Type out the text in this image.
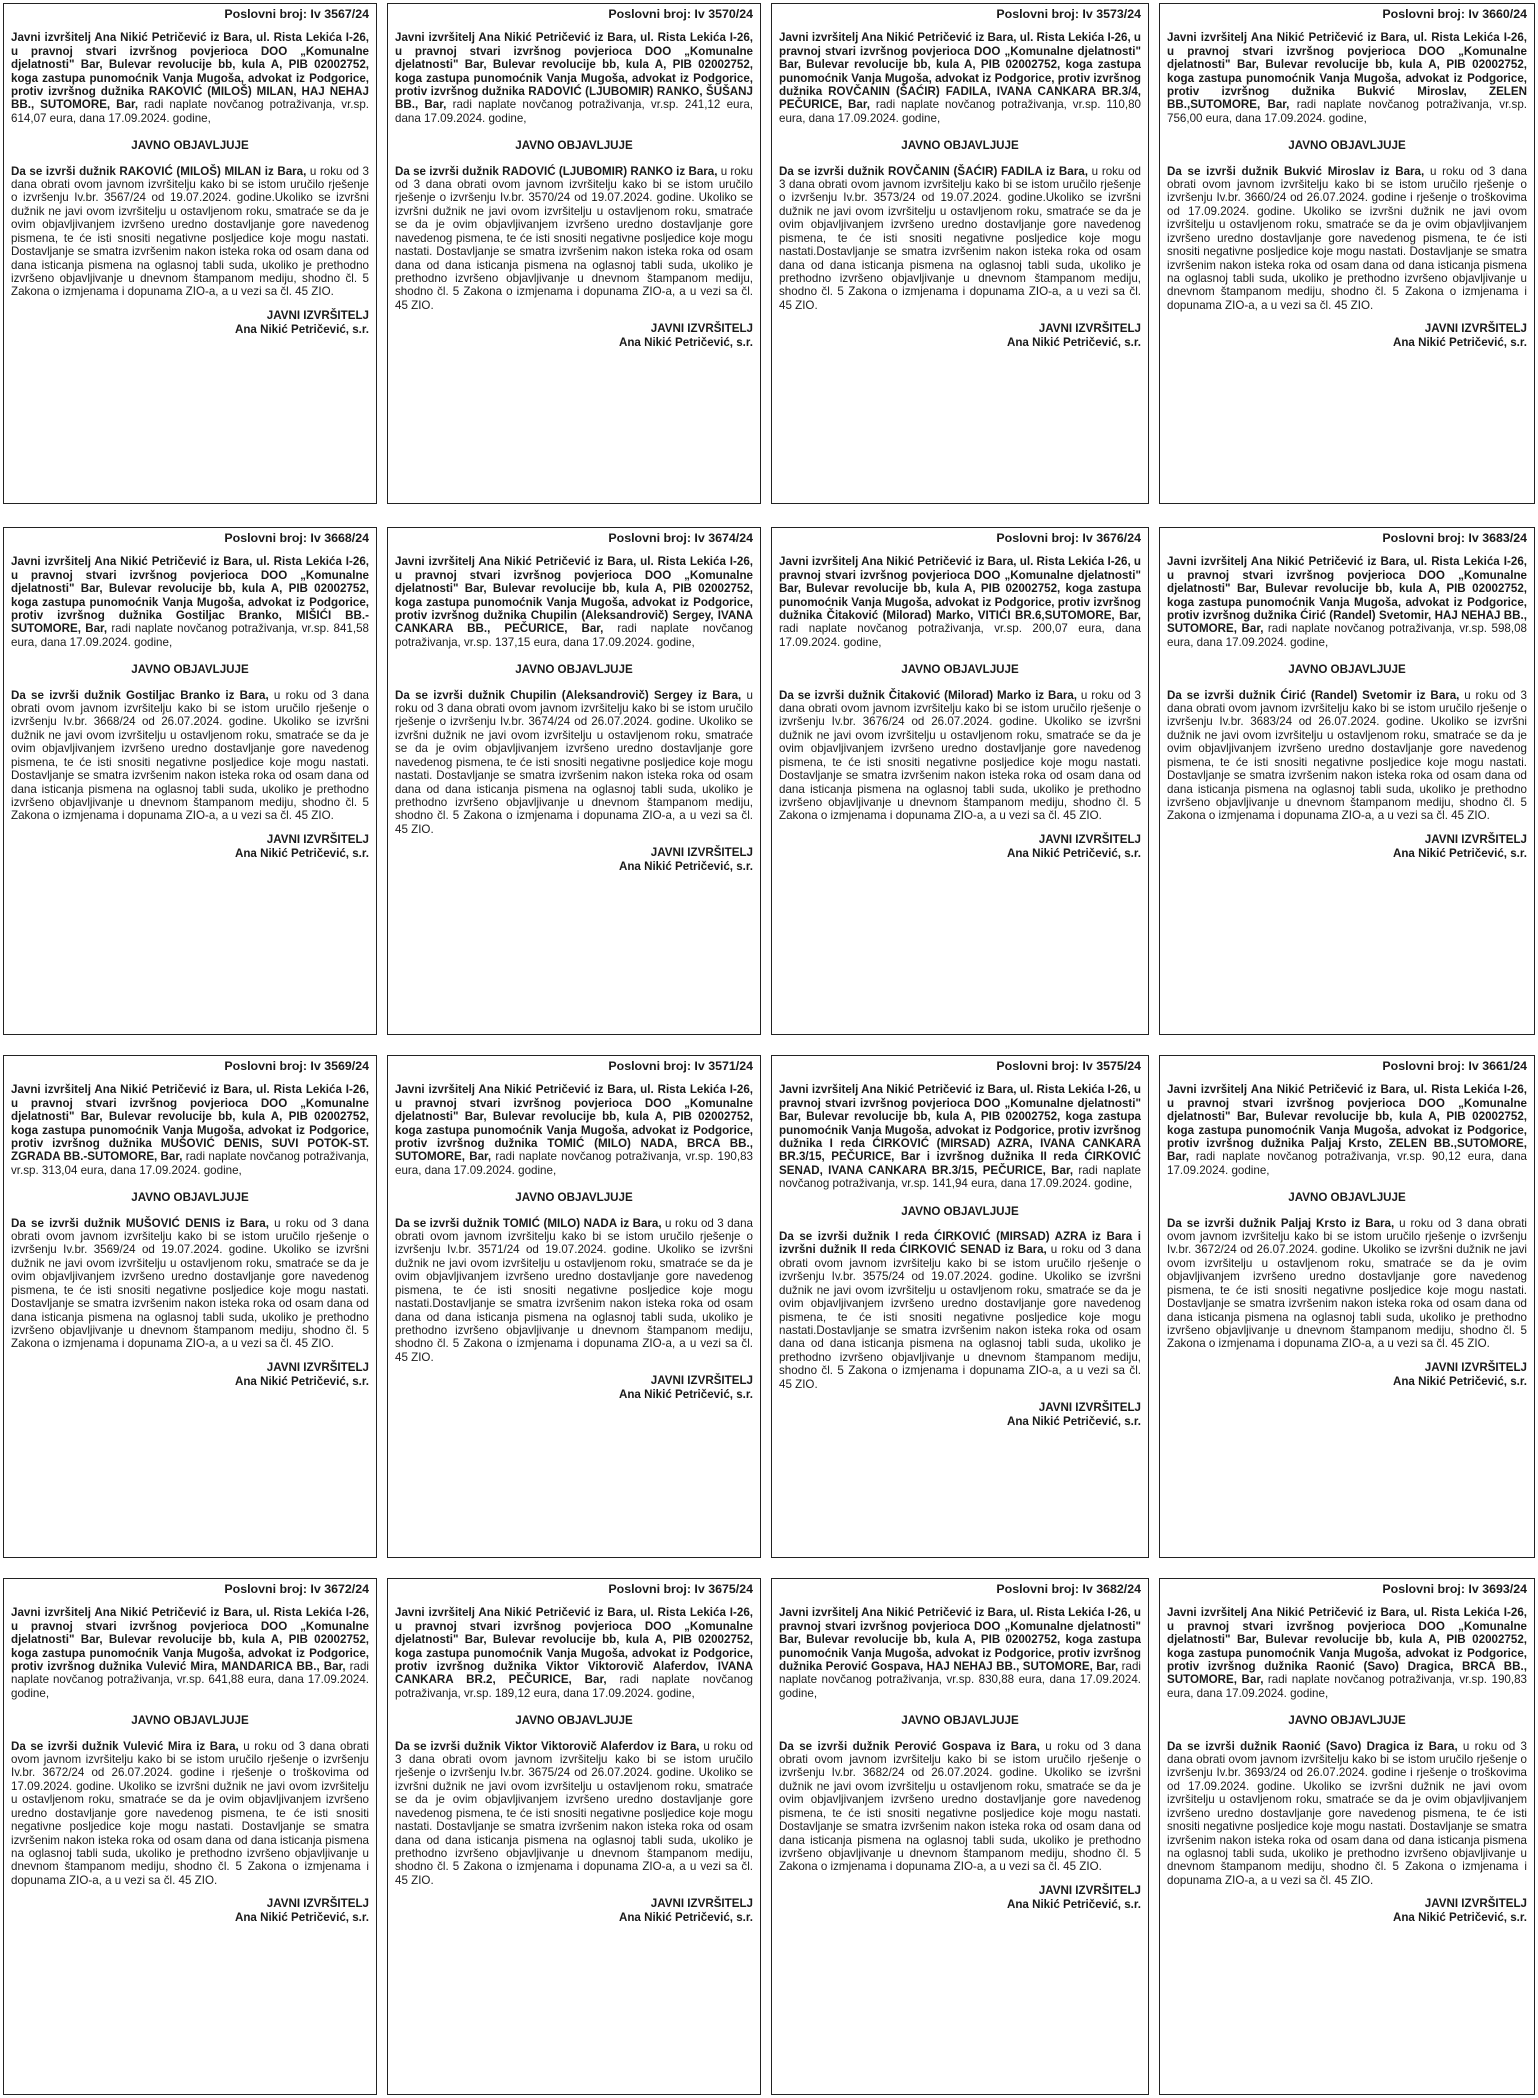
Poslovni broj: Iv 3567/24
Javni izvršitelj Ana Nikić Petričević iz Bara, ul. Rista Lekića I-26, u pravnoj stvari izvršnog povjerioca DOO „Komunalne djelatnosti" Bar, Bulevar revolucije bb, kula A, PIB 02002752, koga zastupa punomoćnik Vanja Mugoša, advokat iz Podgorice, protiv izvršnog dužnika RAKOVIĆ (MILOŠ) MILAN, HAJ NEHAJ BB., SUTOMORE, Bar, radi naplate novčanog potraživanja, vr.sp. 614,07 eura, dana 17.09.2024. godine,
JAVNO OBJAVLJUJE
Da se izvrši dužnik RAKOVIĆ (MILOŠ) MILAN iz Bara, u roku od 3 dana obrati ovom javnom izvršitelju kako bi se istom uručilo rješenje o izvršenju Iv.br. 3567/24 od 19.07.2024. godine.Ukoliko se izvršni dužnik ne javi ovom izvršitelju u ostavljenom roku, smatraće se da je ovim objavljivanjem izvršeno uredno dostavljanje gore navedenog pismena, te će isti snositi negativne posljedice koje mogu nastati. Dostavljanje se smatra izvršenim nakon isteka roka od osam dana od dana isticanja pismena na oglasnoj tabli suda, ukoliko je prethodno izvršeno objavljivanje u dnevnom štampanom mediju, shodno čl. 5 Zakona o izmjenama i dopunama ZIO-a, a u vezi sa čl. 45 ZIO.
JAVNI IZVRŠITELJ
Ana Nikić Petričević, s.r.
Poslovni broj: Iv 3570/24
Javni izvršitelj Ana Nikić Petričević iz Bara, ul. Rista Lekića I-26, u pravnoj stvari izvršnog povjerioca DOO „Komunalne djelatnosti" Bar, Bulevar revolucije bb, kula A, PIB 02002752, koga zastupa punomoćnik Vanja Mugoša, advokat iz Podgorice, protiv izvršnog dužnika RADOVIĆ (LJUBOMIR) RANKO, ŠUŠANJ BB., Bar, radi naplate novčanog potraživanja, vr.sp. 241,12 eura, dana 17.09.2024. godine,
JAVNO OBJAVLJUJE
Da se izvrši dužnik RADOVIĆ (LJUBOMIR) RANKO iz Bara, u roku od 3 dana obrati ovom javnom izvršitelju kako bi se istom uručilo rješenje o izvršenju Iv.br. 3570/24 od 19.07.2024. godine. Ukoliko se izvršni dužnik ne javi ovom izvršitelju u ostavljenom roku, smatraće se da je ovim objavljivanjem izvršeno uredno dostavljanje gore navedenog pismena, te će isti snositi negativne posljedice koje mogu nastati. Dostavljanje se smatra izvršenim nakon isteka roka od osam dana od dana isticanja pismena na oglasnoj tabli suda, ukoliko je prethodno izvršeno objavljivanje u dnevnom štampanom mediju, shodno čl. 5 Zakona o izmjenama i dopunama ZIO-a, a u vezi sa čl. 45 ZIO.
JAVNI IZVRŠITELJ
Ana Nikić Petričević, s.r.
Poslovni broj: Iv 3573/24
Javni izvršitelj Ana Nikić Petričević iz Bara, ul. Rista Lekića I-26, u pravnoj stvari izvršnog povjerioca DOO „Komunalne djelatnosti" Bar, Bulevar revolucije bb, kula A, PIB 02002752, koga zastupa punomoćnik Vanja Mugoša, advokat iz Podgorice, protiv izvršnog dužnika ROVČANIN (ŠAĆIR) FADILA, IVANA CANKARA BR.3/4, PEČURICE, Bar, radi naplate novčanog potraživanja, vr.sp. 110,80 eura, dana 17.09.2024. godine,
JAVNO OBJAVLJUJE
Da se izvrši dužnik ROVČANIN (ŠAĆIR) FADILA iz Bara, u roku od 3 dana obrati ovom javnom izvršitelju kako bi se istom uručilo rješenje o izvršenju Iv.br. 3573/24 od 19.07.2024. godine.Ukoliko se izvršni dužnik ne javi ovom izvršitelju u ostavljenom roku, smatraće se da je ovim objavljivanjem izvršeno uredno dostavljanje gore navedenog pismena, te će isti snositi negativne posljedice koje mogu nastati.Dostavljanje se smatra izvršenim nakon isteka roka od osam dana od dana isticanja pismena na oglasnoj tabli suda, ukoliko je prethodno izvršeno objavljivanje u dnevnom štampanom mediju, shodno čl. 5 Zakona o izmjenama i dopunama ZIO-a, a u vezi sa čl. 45 ZIO.
JAVNI IZVRŠITELJ
Ana Nikić Petričević, s.r.
Poslovni broj: Iv 3660/24
Javni izvršitelj Ana Nikić Petričević iz Bara, ul. Rista Lekića I-26, u pravnoj stvari izvršnog povjerioca DOO „Komunalne djelatnosti" Bar, Bulevar revolucije bb, kula A, PIB 02002752, koga zastupa punomoćnik Vanja Mugoša, advokat iz Podgorice, protiv izvršnog dužnika Bukvić Miroslav, ZELEN BB.,SUTOMORE, Bar, radi naplate novčanog potraživanja, vr.sp. 756,00 eura, dana 17.09.2024. godine,
JAVNO OBJAVLJUJE
Da se izvrši dužnik Bukvić Miroslav iz Bara, u roku od 3 dana obrati ovom javnom izvršitelju kako bi se istom uručilo rješenje o izvršenju Iv.br. 3660/24 od 26.07.2024. godine i rješenje o troškovima od 17.09.2024. godine. Ukoliko se izvršni dužnik ne javi ovom izvršitelju u ostavljenom roku, smatraće se da je ovim objavljivanjem izvršeno uredno dostavljanje gore navedenog pismena, te će isti snositi negativne posljedice koje mogu nastati. Dostavljanje se smatra izvršenim nakon isteka roka od osam dana od dana isticanja pismena na oglasnoj tabli suda, ukoliko je prethodno izvršeno objavljivanje u dnevnom štampanom mediju, shodno čl. 5 Zakona o izmjenama i dopunama ZIO-a, a u vezi sa čl. 45 ZIO.
JAVNI IZVRŠITELJ
Ana Nikić Petričević, s.r.
Poslovni broj: Iv 3668/24
Javni izvršitelj Ana Nikić Petričević iz Bara, ul. Rista Lekića I-26, u pravnoj stvari izvršnog povjerioca DOO „Komunalne djelatnosti" Bar, Bulevar revolucije bb, kula A, PIB 02002752, koga zastupa punomoćnik Vanja Mugoša, advokat iz Podgorice, protiv izvršnog dužnika Gostiljac Branko, MIŠIĆI BB.- SUTOMORE, Bar, radi naplate novčanog potraživanja, vr.sp. 841,58 eura, dana 17.09.2024. godine,
JAVNO OBJAVLJUJE
Da se izvrši dužnik Gostiljac Branko iz Bara, u roku od 3 dana obrati ovom javnom izvršitelju kako bi se istom uručilo rješenje o izvršenju Iv.br. 3668/24 od 26.07.2024. godine. Ukoliko se izvršni dužnik ne javi ovom izvršitelju u ostavljenom roku, smatraće se da je ovim objavljivanjem izvršeno uredno dostavljanje gore navedenog pismena, te će isti snositi negativne posljedice koje mogu nastati. Dostavljanje se smatra izvršenim nakon isteka roka od osam dana od dana isticanja pismena na oglasnoj tabli suda, ukoliko je prethodno izvršeno objavljivanje u dnevnom štampanom mediju, shodno čl. 5 Zakona o izmjenama i dopunama ZIO-a, a u vezi sa čl. 45 ZIO.
JAVNI IZVRŠITELJ
Ana Nikić Petričević, s.r.
Poslovni broj: Iv 3674/24
Javni izvršitelj Ana Nikić Petričević iz Bara, ul. Rista Lekića I-26, u pravnoj stvari izvršnog povjerioca DOO „Komunalne djelatnosti" Bar, Bulevar revolucije bb, kula A, PIB 02002752, koga zastupa punomoćnik Vanja Mugoša, advokat iz Podgorice, protiv izvršnog dužnika Chupilin (Aleksandrovič) Sergey, IVANA CANKARA BB., PEČURICE, Bar, radi naplate novčanog potraživanja, vr.sp. 137,15 eura, dana 17.09.2024. godine,
JAVNO OBJAVLJUJE
Da se izvrši dužnik Chupilin (Aleksandrovič) Sergey iz Bara, u roku od 3 dana obrati ovom javnom izvršitelju kako bi se istom uručilo rješenje o izvršenju Iv.br. 3674/24 od 26.07.2024. godine. Ukoliko se izvršni dužnik ne javi ovom izvršitelju u ostavljenom roku, smatraće se da je ovim objavljivanjem izvršeno uredno dostavljanje gore navedenog pismena, te će isti snositi negativne posljedice koje mogu nastati. Dostavljanje se smatra izvršenim nakon isteka roka od osam dana od dana isticanja pismena na oglasnoj tabli suda, ukoliko je prethodno izvršeno objavljivanje u dnevnom štampanom mediju, shodno čl. 5 Zakona o izmjenama i dopunama ZIO-a, a u vezi sa čl. 45 ZIO.
JAVNI IZVRŠITELJ
Ana Nikić Petričević, s.r.
Poslovni broj: Iv 3676/24
Javni izvršitelj Ana Nikić Petričević iz Bara, ul. Rista Lekića I-26, u pravnoj stvari izvršnog povjerioca DOO „Komunalne djelatnosti" Bar, Bulevar revolucije bb, kula A, PIB 02002752, koga zastupa punomoćnik Vanja Mugoša, advokat iz Podgorice, protiv izvršnog dužnika Čitaković (Milorad) Marko, VITIĆI BR.6,SUTOMORE, Bar, radi naplate novčanog potraživanja, vr.sp. 200,07 eura, dana 17.09.2024. godine,
JAVNO OBJAVLJUJE
Da se izvrši dužnik Čitaković (Milorad) Marko iz Bara, u roku od 3 dana obrati ovom javnom izvršitelju kako bi se istom uručilo rješenje o izvršenju Iv.br. 3676/24 od 26.07.2024. godine. Ukoliko se izvršni dužnik ne javi ovom izvršitelju u ostavljenom roku, smatraće se da je ovim objavljivanjem izvršeno uredno dostavljanje gore navedenog pismena, te će isti snositi negativne posljedice koje mogu nastati. Dostavljanje se smatra izvršenim nakon isteka roka od osam dana od dana isticanja pismena na oglasnoj tabli suda, ukoliko je prethodno izvršeno objavljivanje u dnevnom štampanom mediju, shodno čl. 5 Zakona o izmjenama i dopunama ZIO-a, a u vezi sa čl. 45 ZIO.
JAVNI IZVRŠITELJ
Ana Nikić Petričević, s.r.
Poslovni broj: Iv 3683/24
Javni izvršitelj Ana Nikić Petričević iz Bara, ul. Rista Lekića I-26, u pravnoj stvari izvršnog povjerioca DOO „Komunalne djelatnosti" Bar, Bulevar revolucije bb, kula A, PIB 02002752, koga zastupa punomoćnik Vanja Mugoša, advokat iz Podgorice, protiv izvršnog dužnika Ćirić (Randel) Svetomir, HAJ NEHAJ BB., SUTOMORE, Bar, radi naplate novčanog potraživanja, vr.sp. 598,08 eura, dana 17.09.2024. godine,
JAVNO OBJAVLJUJE
Da se izvrši dužnik Ćirić (Randel) Svetomir iz Bara, u roku od 3 dana obrati ovom javnom izvršitelju kako bi se istom uručilo rješenje o izvršenju Iv.br. 3683/24 od 26.07.2024. godine. Ukoliko se izvršni dužnik ne javi ovom izvršitelju u ostavljenom roku, smatraće se da je ovim objavljivanjem izvršeno uredno dostavljanje gore navedenog pismena, te će isti snositi negativne posljedice koje mogu nastati. Dostavljanje se smatra izvršenim nakon isteka roka od osam dana od dana isticanja pismena na oglasnoj tabli suda, ukoliko je prethodno izvršeno objavljivanje u dnevnom štampanom mediju, shodno čl. 5 Zakona o izmjenama i dopunama ZIO-a, a u vezi sa čl. 45 ZIO.
JAVNI IZVRŠITELJ
Ana Nikić Petričević, s.r.
Poslovni broj: Iv 3569/24
Javni izvršitelj Ana Nikić Petričević iz Bara, ul. Rista Lekića I-26, u pravnoj stvari izvršnog povjerioca DOO „Komunalne djelatnosti" Bar, Bulevar revolucije bb, kula A, PIB 02002752, koga zastupa punomoćnik Vanja Mugoša, advokat iz Podgorice, protiv izvršnog dužnika MUŠOVIĆ DENIS, SUVI POTOK-ST. ZGRADA BB.-SUTOMORE, Bar, radi naplate novčanog potraživanja, vr.sp. 313,04 eura, dana 17.09.2024. godine,
JAVNO OBJAVLJUJE
Da se izvrši dužnik MUŠOVIĆ DENIS iz Bara, u roku od 3 dana obrati ovom javnom izvršitelju kako bi se istom uručilo rješenje o izvršenju Iv.br. 3569/24 od 19.07.2024. godine. Ukoliko se izvršni dužnik ne javi ovom izvršitelju u ostavljenom roku, smatraće se da je ovim objavljivanjem izvršeno uredno dostavljanje gore navedenog pismena, te će isti snositi negativne posljedice koje mogu nastati. Dostavljanje se smatra izvršenim nakon isteka roka od osam dana od dana isticanja pismena na oglasnoj tabli suda, ukoliko je prethodno izvršeno objavljivanje u dnevnom štampanom mediju, shodno čl. 5 Zakona o izmjenama i dopunama ZIO-a, a u vezi sa čl. 45 ZIO.
JAVNI IZVRŠITELJ
Ana Nikić Petričević, s.r.
Poslovni broj: Iv 3571/24
Javni izvršitelj Ana Nikić Petričević iz Bara, ul. Rista Lekića I-26, u pravnoj stvari izvršnog povjerioca DOO „Komunalne djelatnosti" Bar, Bulevar revolucije bb, kula A, PIB 02002752, koga zastupa punomoćnik Vanja Mugoša, advokat iz Podgorice, protiv izvršnog dužnika TOMIĆ (MILO) NADA, BRCA BB., SUTOMORE, Bar, radi naplate novčanog potraživanja, vr.sp. 190,83 eura, dana 17.09.2024. godine,
JAVNO OBJAVLJUJE
Da se izvrši dužnik TOMIĆ (MILO) NADA iz Bara, u roku od 3 dana obrati ovom javnom izvršitelju kako bi se istom uručilo rješenje o izvršenju Iv.br. 3571/24 od 19.07.2024. godine. Ukoliko se izvršni dužnik ne javi ovom izvršitelju u ostavljenom roku, smatraće se da je ovim objavljivanjem izvršeno uredno dostavljanje gore navedenog pismena, te će isti snositi negativne posljedice koje mogu nastati.Dostavljanje se smatra izvršenim nakon isteka roka od osam dana od dana isticanja pismena na oglasnoj tabli suda, ukoliko je prethodno izvršeno objavljivanje u dnevnom štampanom mediju, shodno čl. 5 Zakona o izmjenama i dopunama ZIO-a, a u vezi sa čl. 45 ZIO.
JAVNI IZVRŠITELJ
Ana Nikić Petričević, s.r.
Poslovni broj: Iv 3575/24
Javni izvršitelj Ana Nikić Petričević iz Bara, ul. Rista Lekića I-26, u pravnoj stvari izvršnog povjerioca DOO „Komunalne djelatnosti" Bar, Bulevar revolucije bb, kula A, PIB 02002752, koga zastupa punomoćnik Vanja Mugoša, advokat iz Podgorice, protiv izvršnog dužnika I reda ĆIRKOVIĆ (MIRSAD) AZRA, IVANA CANKARA BR.3/15, PEČURICE, Bar i izvršnog dužnika II reda ĆIRKOVIĆ SENAD, IVANA CANKARA BR.3/15, PEČURICE, Bar, radi naplate novčanog potraživanja, vr.sp. 141,94 eura, dana 17.09.2024. godine,
JAVNO OBJAVLJUJE
Da se izvrši dužnik I reda ĆIRKOVIĆ (MIRSAD) AZRA iz Bara i izvršni dužnik II reda ĆIRKOVIĆ SENAD iz Bara, u roku od 3 dana obrati ovom javnom izvršitelju kako bi se istom uručilo rješenje o izvršenju Iv.br. 3575/24 od 19.07.2024. godine. Ukoliko se izvršni dužnik ne javi ovom izvršitelju u ostavljenom roku, smatraće se da je ovim objavljivanjem izvršeno uredno dostavljanje gore navedenog pismena, te će isti snositi negativne posljedice koje mogu nastati.Dostavljanje se smatra izvršenim nakon isteka roka od osam dana od dana isticanja pismena na oglasnoj tabli suda, ukoliko je prethodno izvršeno objavljivanje u dnevnom štampanom mediju, shodno čl. 5 Zakona o izmjenama i dopunama ZIO-a, a u vezi sa čl. 45 ZIO.
JAVNI IZVRŠITELJ
Ana Nikić Petričević, s.r.
Poslovni broj: Iv 3661/24
Javni izvršitelj Ana Nikić Petričević iz Bara, ul. Rista Lekića I-26, u pravnoj stvari izvršnog povjerioca DOO „Komunalne djelatnosti" Bar, Bulevar revolucije bb, kula A, PIB 02002752, koga zastupa punomoćnik Vanja Mugoša, advokat iz Podgorice, protiv izvršnog dužnika Paljaj Krsto, ZELEN BB.,SUTOMORE, Bar, radi naplate novčanog potraživanja, vr.sp. 90,12 eura, dana 17.09.2024. godine,
JAVNO OBJAVLJUJE
Da se izvrši dužnik Paljaj Krsto iz Bara, u roku od 3 dana obrati ovom javnom izvršitelju kako bi se istom uručilo rješenje o izvršenju Iv.br. 3672/24 od 26.07.2024. godine. Ukoliko se izvršni dužnik ne javi ovom izvršitelju u ostavljenom roku, smatraće se da je ovim objavljivanjem izvršeno uredno dostavljanje gore navedenog pismena, te će isti snositi negativne posljedice koje mogu nastati. Dostavljanje se smatra izvršenim nakon isteka roka od osam dana od dana isticanja pismena na oglasnoj tabli suda, ukoliko je prethodno izvršeno objavljivanje u dnevnom štampanom mediju, shodno čl. 5 Zakona o izmjenama i dopunama ZIO-a, a u vezi sa čl. 45 ZIO.
JAVNI IZVRŠITELJ
Ana Nikić Petričević, s.r.
Poslovni broj: Iv 3672/24
Javni izvršitelj Ana Nikić Petričević iz Bara, ul. Rista Lekića I-26, u pravnoj stvari izvršnog povjerioca DOO „Komunalne djelatnosti" Bar, Bulevar revolucije bb, kula A, PIB 02002752, koga zastupa punomoćnik Vanja Mugoša, advokat iz Podgorice, protiv izvršnog dužnika Vulević Mira, MANDARICA BB., Bar, radi naplate novčanog potraživanja, vr.sp. 641,88 eura, dana 17.09.2024. godine,
JAVNO OBJAVLJUJE
Da se izvrši dužnik Vulević Mira iz Bara, u roku od 3 dana obrati ovom javnom izvršitelju kako bi se istom uručilo rješenje o izvršenju Iv.br. 3672/24 od 26.07.2024. godine i rješenje o troškovima od 17.09.2024. godine. Ukoliko se izvršni dužnik ne javi ovom izvršitelju u ostavljenom roku, smatraće se da je ovim objavljivanjem izvršeno uredno dostavljanje gore navedenog pismena, te će isti snositi negativne posljedice koje mogu nastati. Dostavljanje se smatra izvršenim nakon isteka roka od osam dana od dana isticanja pismena na oglasnoj tabli suda, ukoliko je prethodno izvršeno objavljivanje u dnevnom štampanom mediju, shodno čl. 5 Zakona o izmjenama i dopunama ZIO-a, a u vezi sa čl. 45 ZIO.
JAVNI IZVRŠITELJ
Ana Nikić Petričević, s.r.
Poslovni broj: Iv 3675/24
Javni izvršitelj Ana Nikić Petričević iz Bara, ul. Rista Lekića I-26, u pravnoj stvari izvršnog povjerioca DOO „Komunalne djelatnosti" Bar, Bulevar revolucije bb, kula A, PIB 02002752, koga zastupa punomoćnik Vanja Mugoša, advokat iz Podgorice, protiv izvršnog dužnika Viktor Viktorovič Alaferdov, IVANA CANKARA BR.2, PEČURICE, Bar, radi naplate novčanog potraživanja, vr.sp. 189,12 eura, dana 17.09.2024. godine,
JAVNO OBJAVLJUJE
Da se izvrši dužnik Viktor Viktorovič Alaferdov iz Bara, u roku od 3 dana obrati ovom javnom izvršitelju kako bi se istom uručilo rješenje o izvršenju Iv.br. 3675/24 od 26.07.2024. godine. Ukoliko se izvršni dužnik ne javi ovom izvršitelju u ostavljenom roku, smatraće se da je ovim objavljivanjem izvršeno uredno dostavljanje gore navedenog pismena, te će isti snositi negativne posljedice koje mogu nastati. Dostavljanje se smatra izvršenim nakon isteka roka od osam dana od dana isticanja pismena na oglasnoj tabli suda, ukoliko je prethodno izvršeno objavljivanje u dnevnom štampanom mediju, shodno čl. 5 Zakona o izmjenama i dopunama ZIO-a, a u vezi sa čl. 45 ZIO.
JAVNI IZVRŠITELJ
Ana Nikić Petričević, s.r.
Poslovni broj: Iv 3682/24
Javni izvršitelj Ana Nikić Petričević iz Bara, ul. Rista Lekića I-26, u pravnoj stvari izvršnog povjerioca DOO „Komunalne djelatnosti" Bar, Bulevar revolucije bb, kula A, PIB 02002752, koga zastupa punomoćnik Vanja Mugoša, advokat iz Podgorice, protiv izvršnog dužnika Perović Gospava, HAJ NEHAJ BB., SUTOMORE, Bar, radi naplate novčanog potraživanja, vr.sp. 830,88 eura, dana 17.09.2024. godine,
JAVNO OBJAVLJUJE
Da se izvrši dužnik Perović Gospava iz Bara, u roku od 3 dana obrati ovom javnom izvršitelju kako bi se istom uručilo rješenje o izvršenju Iv.br. 3682/24 od 26.07.2024. godine. Ukoliko se izvršni dužnik ne javi ovom izvršitelju u ostavljenom roku, smatraće se da je ovim objavljivanjem izvršeno uredno dostavljanje gore navedenog pismena, te će isti snositi negativne posljedice koje mogu nastati. Dostavljanje se smatra izvršenim nakon isteka roka od osam dana od dana isticanja pismena na oglasnoj tabli suda, ukoliko je prethodno izvršeno objavljivanje u dnevnom štampanom mediju, shodno čl. 5 Zakona o izmjenama i dopunama ZIO-a, a u vezi sa čl. 45 ZIO.
JAVNI IZVRŠITELJ
Ana Nikić Petričević, s.r.
Poslovni broj: Iv 3693/24
Javni izvršitelj Ana Nikić Petričević iz Bara, ul. Rista Lekića I-26, u pravnoj stvari izvršnog povjerioca DOO „Komunalne djelatnosti" Bar, Bulevar revolucije bb, kula A, PIB 02002752, koga zastupa punomoćnik Vanja Mugoša, advokat iz Podgorice, protiv izvršnog dužnika Raonić (Savo) Dragica, BRCA BB., SUTOMORE, Bar, radi naplate novčanog potraživanja, vr.sp. 190,83 eura, dana 17.09.2024. godine,
JAVNO OBJAVLJUJE
Da se izvrši dužnik Raonić (Savo) Dragica iz Bara, u roku od 3 dana obrati ovom javnom izvršitelju kako bi se istom uručilo rješenje o izvršenju Iv.br. 3693/24 od 26.07.2024. godine i rješenje o troškovima od 17.09.2024. godine. Ukoliko se izvršni dužnik ne javi ovom izvršitelju u ostavljenom roku, smatraće se da je ovim objavljivanjem izvršeno uredno dostavljanje gore navedenog pismena, te će isti snositi negativne posljedice koje mogu nastati. Dostavljanje se smatra izvršenim nakon isteka roka od osam dana od dana isticanja pismena na oglasnoj tabli suda, ukoliko je prethodno izvršeno objavljivanje u dnevnom štampanom mediju, shodno čl. 5 Zakona o izmjenama i dopunama ZIO-a, a u vezi sa čl. 45 ZIO.
JAVNI IZVRŠITELJ
Ana Nikić Petričević, s.r.
